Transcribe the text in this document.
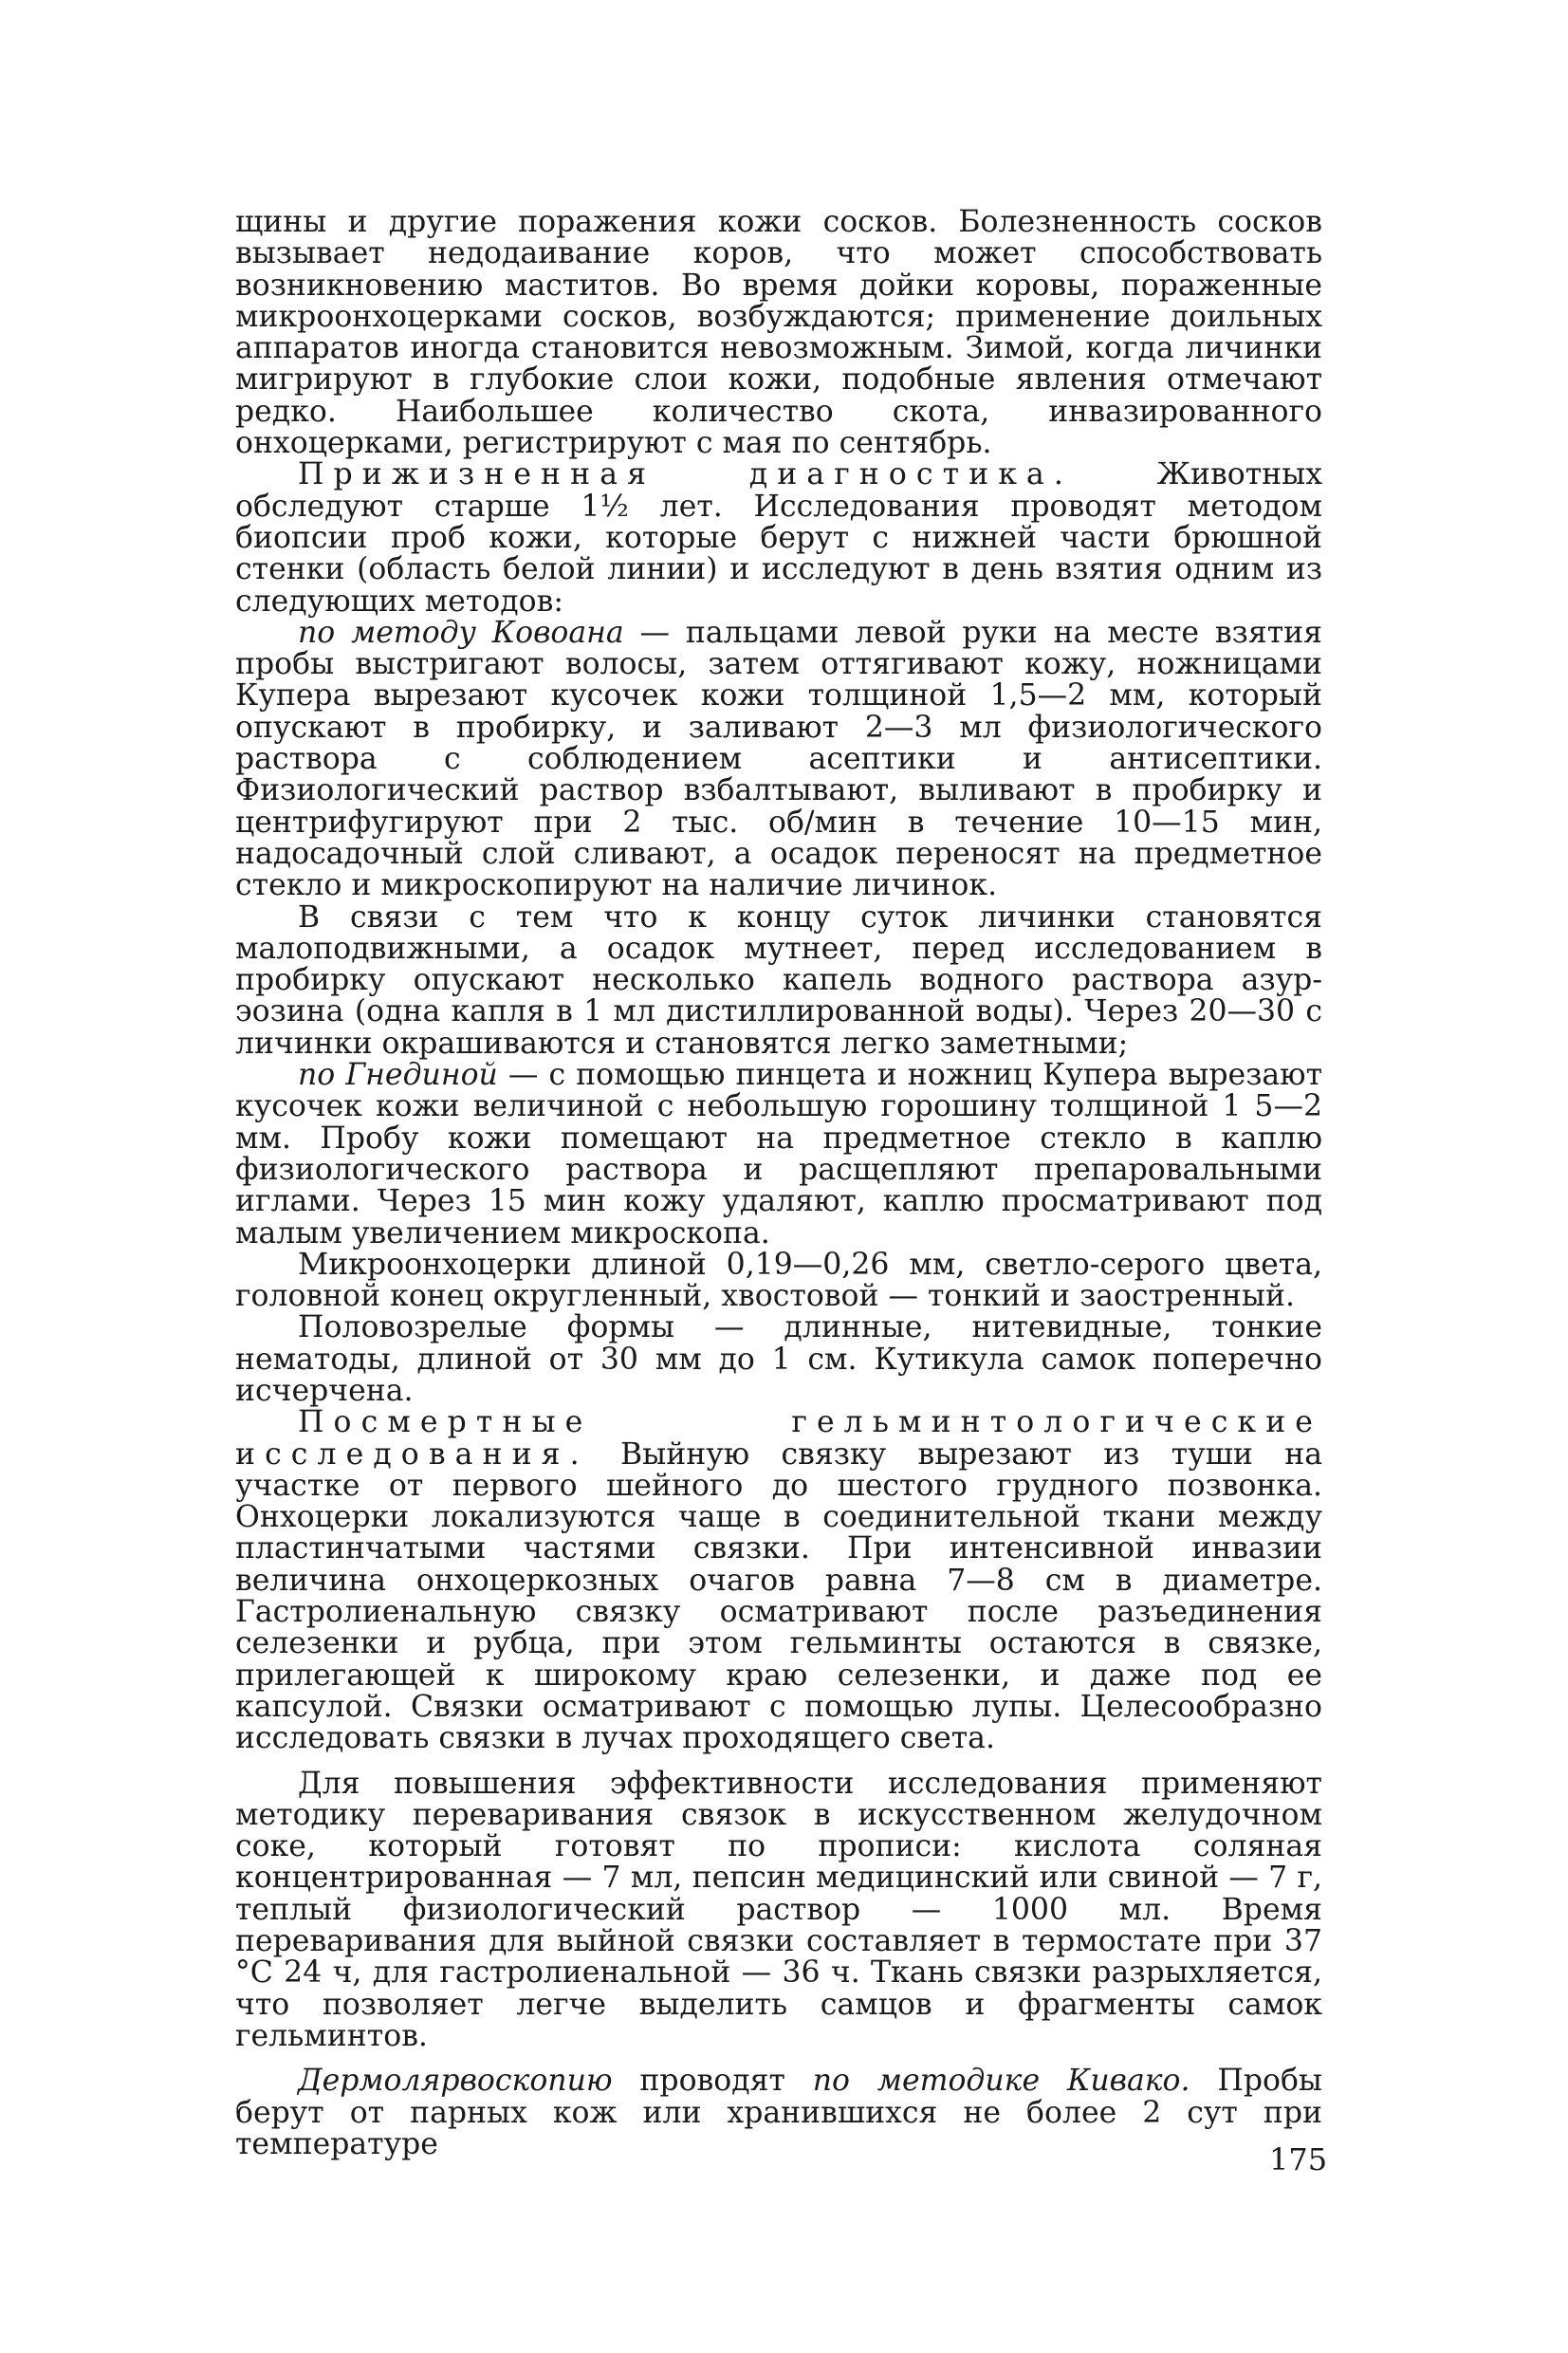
щины и другие поражения кожи сосков. Болезненность сосков вызывает недодаивание коров, что может способствовать возникновению маститов. Во время дойки коровы, пораженные микроонхоцерками сосков, возбуждаются; применение доильных аппаратов иногда становится невозможным. Зимой, когда личинки мигрируют в глубокие слои кожи, подобные явления отмечают редко. Наибольшее количество скота, инвазированного онхоцерками, регистрируют с мая по сентябрь.

Прижизненная диагностика. Животных обследуют старше 1½ лет. Исследования проводят методом биопсии проб кожи, которые берут с нижней части брюшной стенки (область белой линии) и исследуют в день взятия одним из следующих методов:

по методу Ковоана — пальцами левой руки на месте взятия пробы выстригают волосы, затем оттягивают кожу, ножницами Купера вырезают кусочек кожи толщиной 1,5—2 мм, который опускают в пробирку, и заливают 2—3 мл физиологического раствора с соблюдением асептики и антисептики. Физиологический раствор взбалтывают, выливают в пробирку и центрифугируют при 2 тыс. об/мин в течение 10—15 мин, надосадочный слой сливают, а осадок переносят на предметное стекло и микроскопируют на наличие личинок.

В связи с тем что к концу суток личинки становятся малоподвижными, а осадок мутнеет, перед исследованием в пробирку опускают несколько капель водного раствора азур-эозина (одна капля в 1 мл дистиллированной воды). Через 20—30 с личинки окрашиваются и становятся легко заметными;

по Гнединой — с помощью пинцета и ножниц Купера вырезают кусочек кожи величиной с небольшую горошину толщиной 1 5—2 мм. Пробу кожи помещают на предметное стекло в каплю физиологического раствора и расщепляют препаровальными иглами. Через 15 мин кожу удаляют, каплю просматривают под малым увеличением микроскопа.

Микроонхоцерки длиной 0,19—0,26 мм, светло-серого цвета, головной конец округленный, хвостовой — тонкий и заостренный.

Половозрелые формы — длинные, нитевидные, тонкие нематоды, длиной от 30 мм до 1 см. Кутикула самок поперечно исчерчена.

Посмертные гельминтологические исследования. Выйную связку вырезают из туши на участке от первого шейного до шестого грудного позвонка. Онхоцерки локализуются чаще в соединительной ткани между пластинчатыми частями связки. При интенсивной инвазии величина онхоцеркозных очагов равна 7—8 см в диаметре. Гастролиенальную связку осматривают после разъединения селезенки и рубца, при этом гельминты остаются в связке, прилегающей к широкому краю селезенки, и даже под ее капсулой. Связки осматривают с помощью лупы. Целесообразно исследовать связки в лучах проходящего света.

Для повышения эффективности исследования применяют методику переваривания связок в искусственном желудочном соке, который готовят по прописи: кислота соляная концентрированная — 7 мл, пепсин медицинский или свиной — 7 г, теплый физиологический раствор — 1000 мл. Время переваривания для выйной связки составляет в термостате при 37 °С 24 ч, для гастролиенальной — 36 ч. Ткань связки разрыхляется, что позволяет легче выделить самцов и фрагменты самок гельминтов.

Дермолярвоскопию проводят по методике Кивако. Пробы берут от парных кож или хранившихся не более 2 сут при температуре	175
